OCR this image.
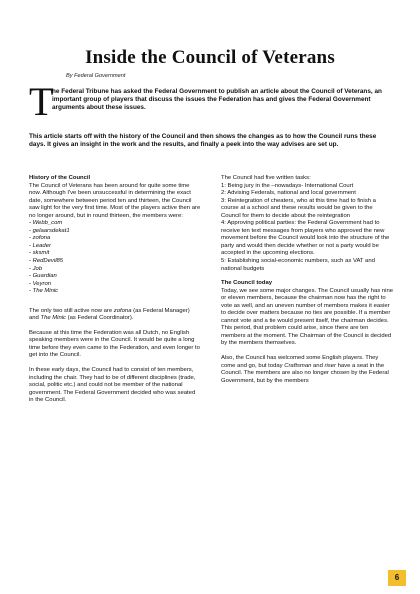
Inside the Council of Veterans
By Federal Government
T
he Federal Tribune has asked the Federal Government to publish an article about the Council of Veterans, an important group of players that discuss the issues the Federation has and gives the Federal Government arguments about these issues.
This article starts off with the history of the Council and then shows the changes as to how the Council runs these days. It gives an insight in the work and the results, and finally a peek into the way advises are set up.
History of the Council

The Council of Veterans has been around for quite some time now. Although I've been unsuccessful in determining the exact date, somewhere between period ten and thirteen, the Council saw light for the very first time. Most of the players active then are no longer around, but in round thirteen, the members were:

- Webb_com
- gelaarsdekat1
- zofona
- Leader
- sksmit
- RedDevil85
- Job
- Guardian
- Veyron
- The Minic

The only two still active now are zofona (as Federal Manager) and The Minic (as Federal Coordinator).

Because at this time the Federation was all Dutch, no English speaking members were in the Council. It would be quite a long time before they even came to the Federation, and even longer to get into the Council.

In these early days, the Council had to consist of ten members, including the chair. They had to be of different disciplines (trade, social, politic etc.) and could not be member of the national government. The Federal Government decided who was seated in the Council.

The Council had five written tasks:
1: Being jury in the –nowadays- International Court
2: Advising Federals, national and local government
3: Reintegration of cheaters, who at this time had to finish a course at a school and these results would be given to the Council for them to decide about the reintegration
4: Approving political parties: the Federal Government had to receive ten text messages from players who approved the new movement before the Council would look into the structure of the party and would then decide whether or not a party would be accepted in the upcoming elections.
5: Establishing social-economic numbers, such as VAT and national budgets

The Council today

Today, we see some major changes. The Council usually has nine or eleven members, because the chairman now has the right to vote as well, and an uneven number of members makes it easier to decide over matters because no ties are possible. If a member cannot vote and a tie would present itself, the chairman decides. This period, that problem could arise, since there are ten members at the moment. The Chairman of the Council is decided by the members themselves.

Also, the Council has welcomed some English players. They come and go, but today Craftsman and riser have a seat in the Council. The members are also no longer chosen by the Federal Government, but by the members

6
